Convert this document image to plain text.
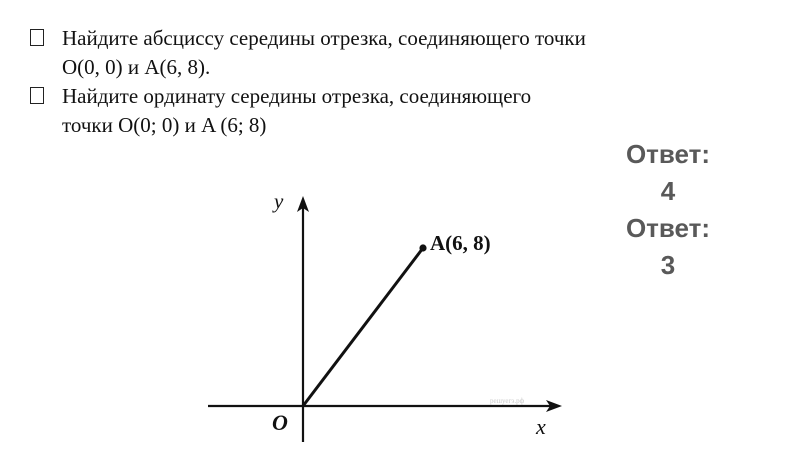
Найдите абсциссу середины отрезка, соединяющего точки
O(0, 0) и A(6, 8).
Найдите ординату середины отрезка, соединяющего
точки O(0; 0) и A (6; 8)
Ответ:
4
Ответ:
3
y
x
O
A(6, 8)
решуегэ.рф
